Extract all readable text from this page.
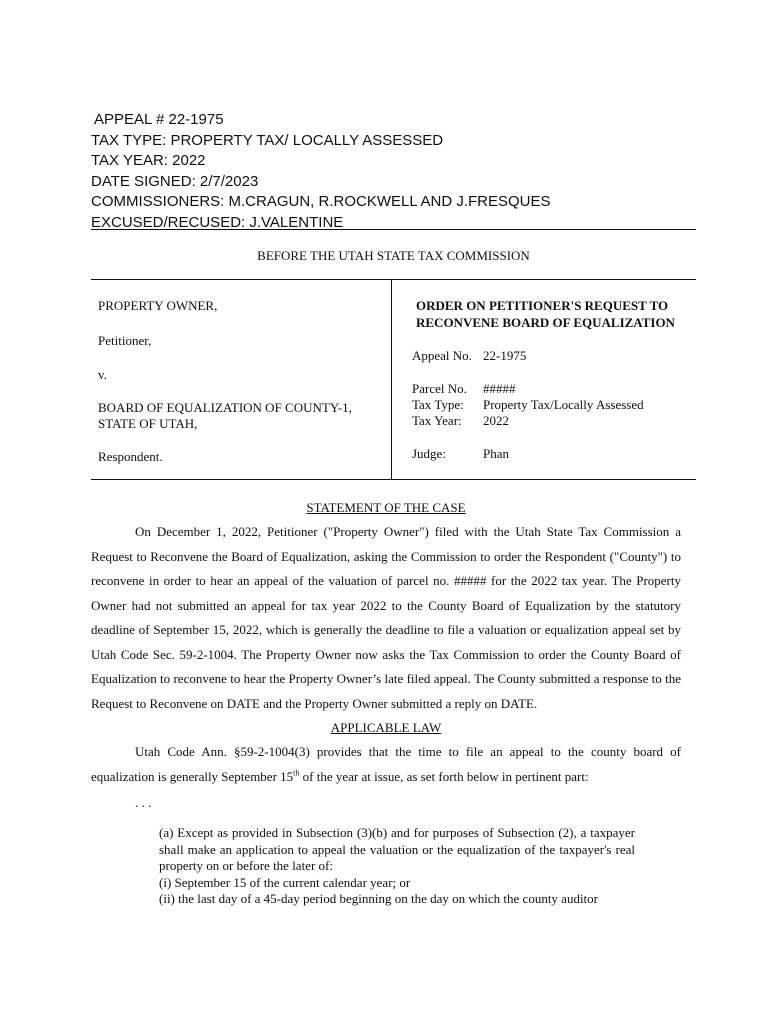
APPEAL # 22-1975
TAX TYPE: PROPERTY TAX/ LOCALLY ASSESSED
TAX YEAR: 2022
DATE SIGNED: 2/7/2023
COMMISSIONERS: M.CRAGUN, R.ROCKWELL AND J.FRESQUES
EXCUSED/RECUSED: J.VALENTINE
BEFORE THE UTAH STATE TAX COMMISSION
PROPERTY OWNER,
Petitioner,
v.
BOARD OF EQUALIZATION OF COUNTY-1,
STATE OF UTAH,
Respondent.
ORDER ON PETITIONER'S REQUEST TO
RECONVENE BOARD OF EQUALIZATION
Appeal No. 22-1975
Parcel No. #####
Tax Type: Property Tax/Locally Assessed
Tax Year: 2022
Judge:	Phan
STATEMENT OF THE CASE

On December 1, 2022, Petitioner ("Property Owner") filed with the Utah State Tax Commission a Request to Reconvene the Board of Equalization, asking the Commission to order the Respondent ("County") to reconvene in order to hear an appeal of the valuation of parcel no. ##### for the 2022 tax year. The Property Owner had not submitted an appeal for tax year 2022 to the County Board of Equalization by the statutory deadline of September 15, 2022, which is generally the deadline to file a valuation or equalization appeal set by Utah Code Sec. 59-2-1004. The Property Owner now asks the Tax Commission to order the County Board of Equalization to reconvene to hear the Property Owner’s late filed appeal. The County submitted a response to the Request to Reconvene on DATE and the Property Owner submitted a reply on DATE.

APPLICABLE LAW

Utah Code Ann. §59-2-1004(3) provides that the time to file an appeal to the county board of equalization is generally September 15th of the year at issue, as set forth below in pertinent part:

. . .
(a) Except as provided in Subsection (3)(b) and for purposes of Subsection (2), a taxpayer shall make an application to appeal the valuation or the equalization of the taxpayer's real property on or before the later of:
(i) September 15 of the current calendar year; or
(ii) the last day of a 45-day period beginning on the day on which the county auditor
